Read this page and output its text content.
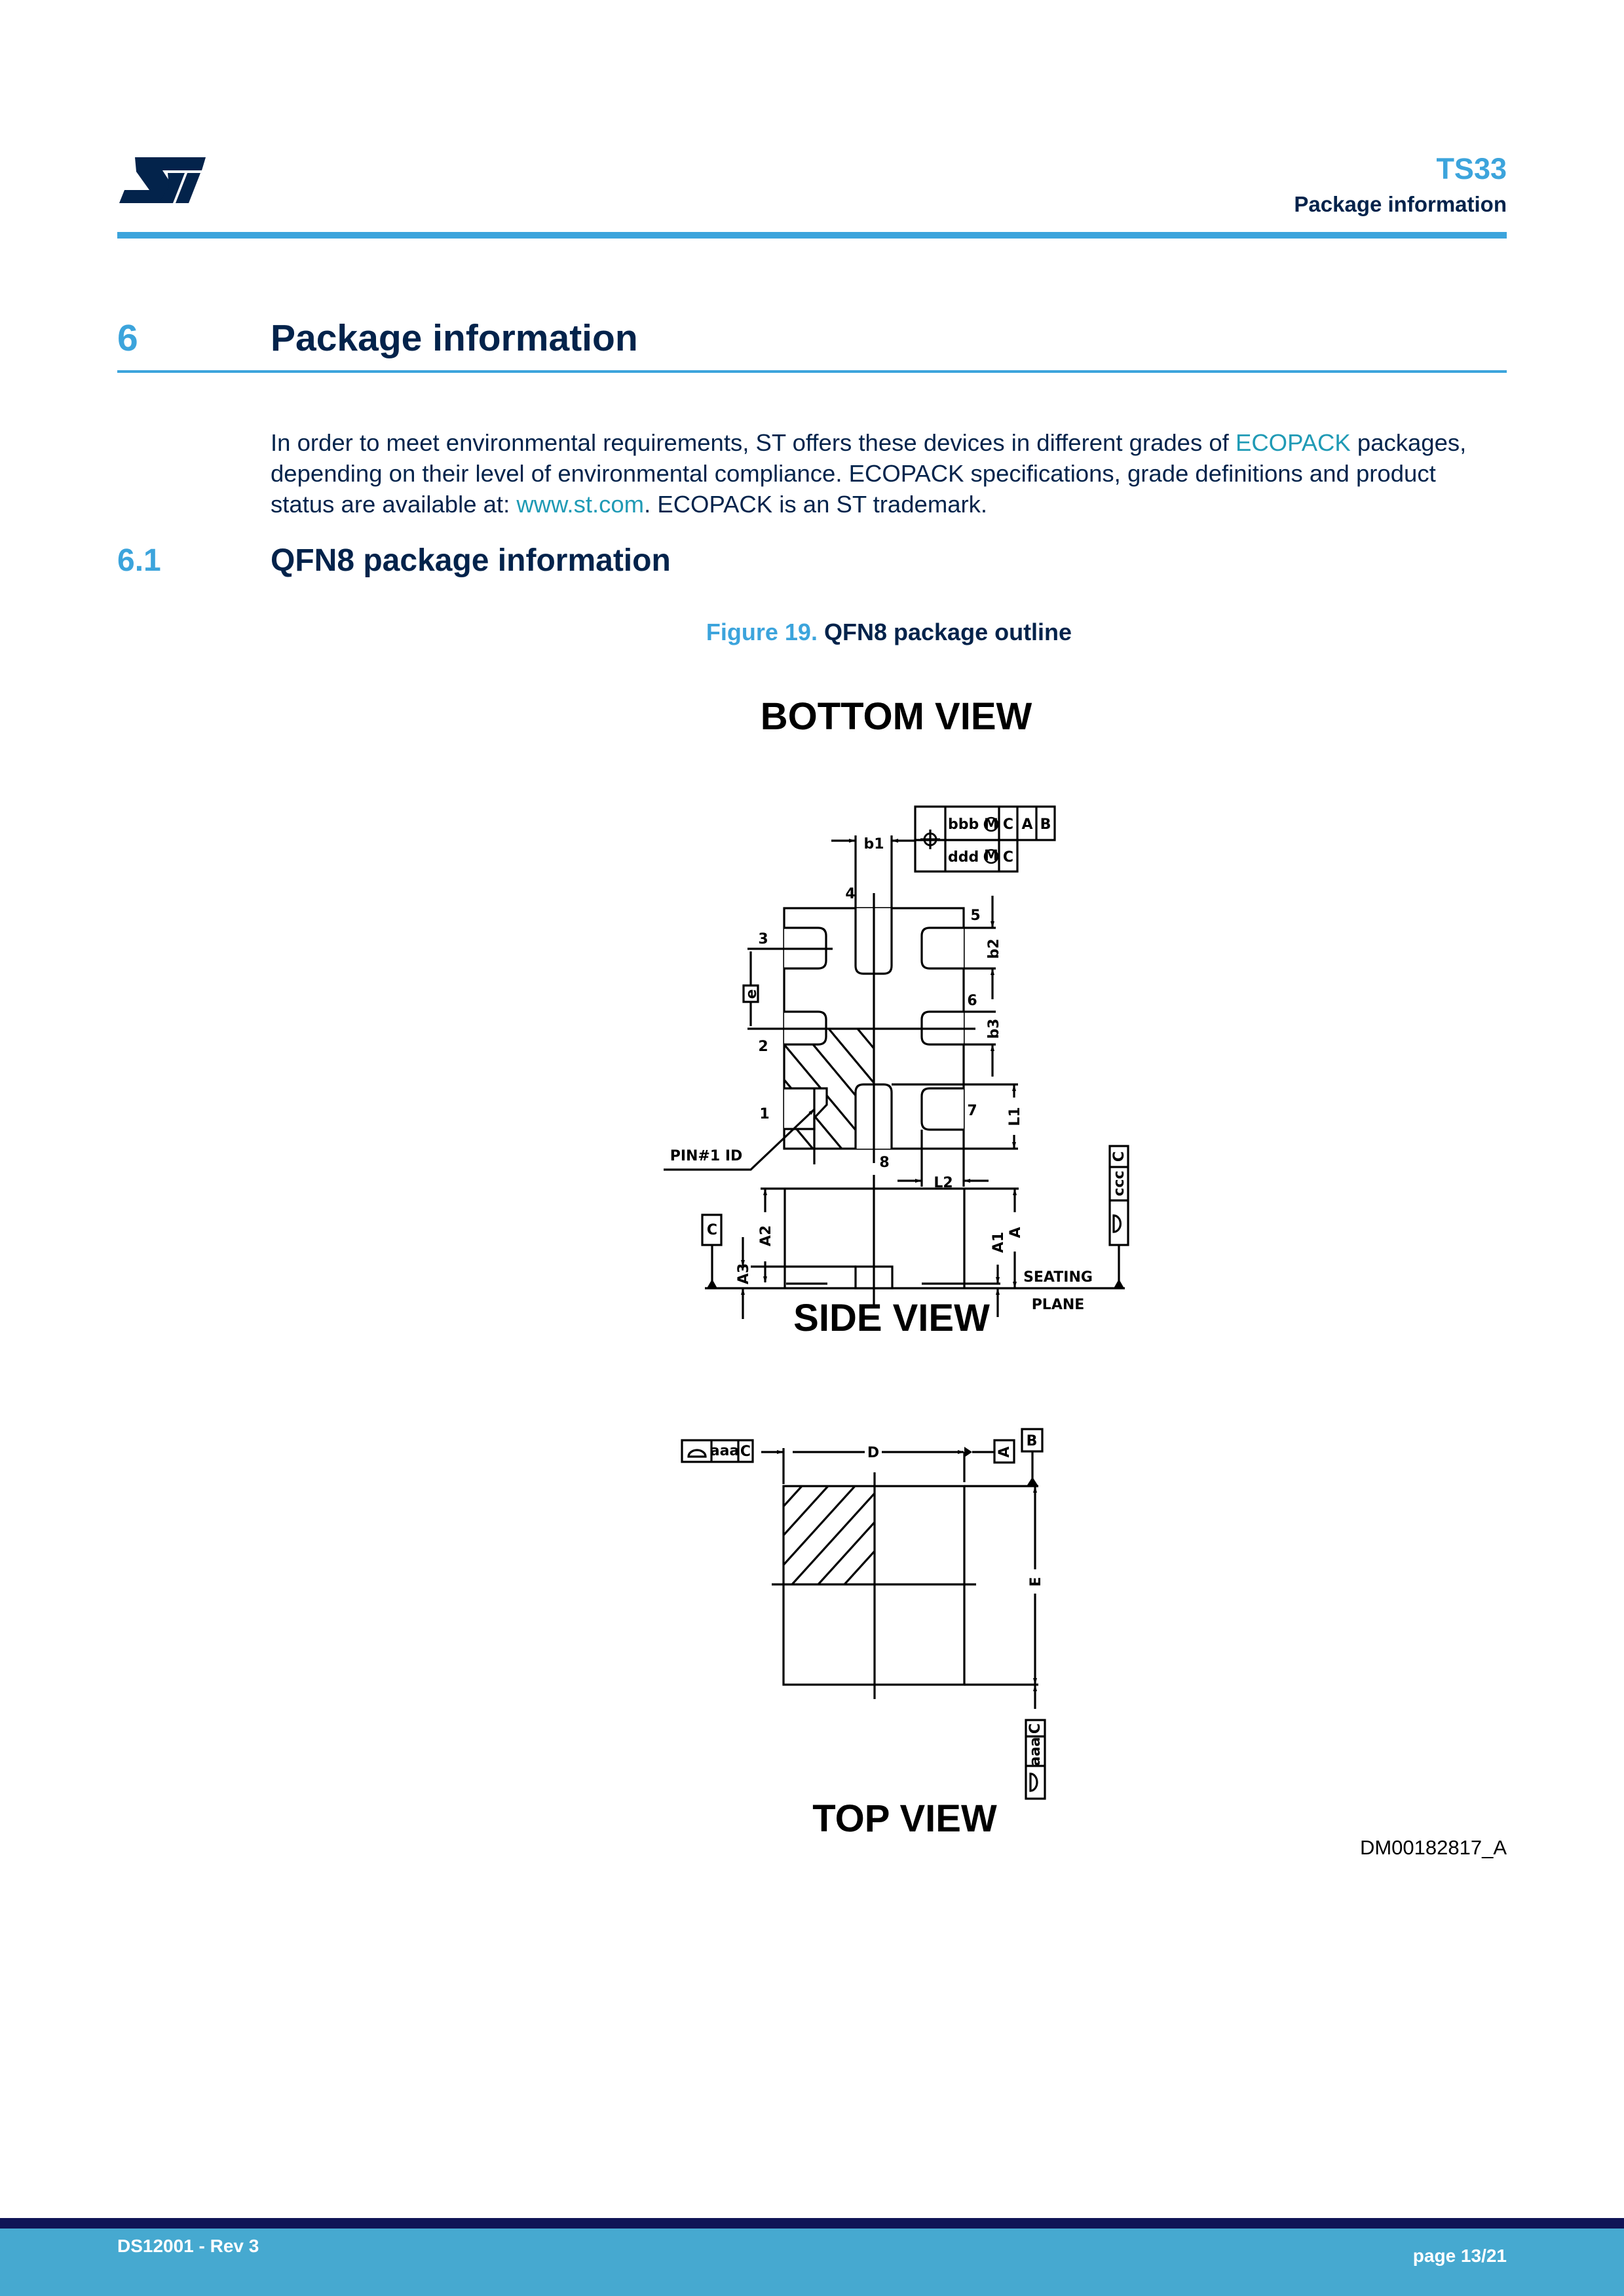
TS33
Package information
6	Package information
In order to meet environmental requirements, ST offers these devices in different grades of ECOPACK packages,
depending on their level of environmental compliance. ECOPACK specifications, grade definitions and product
status are available at: www.st.com. ECOPACK is an ST trademark.
6.1	QFN8 package information
Figure 19. QFN8 package outline
BOTTOM VIEW
SIDE VIEW
TOP VIEW
DM00182817_A
e
b1
bbb M C A B
ddd M C
b2
b3
L1
L2
3
2
1
4
5
6
7
8
PIN#1 ID
A2
A3
A1 A
C
SEATING
PLANE
C
ccc
D	A
B
E
aaa C
C
aaa
DS12001 - Rev 3	page 13/21
